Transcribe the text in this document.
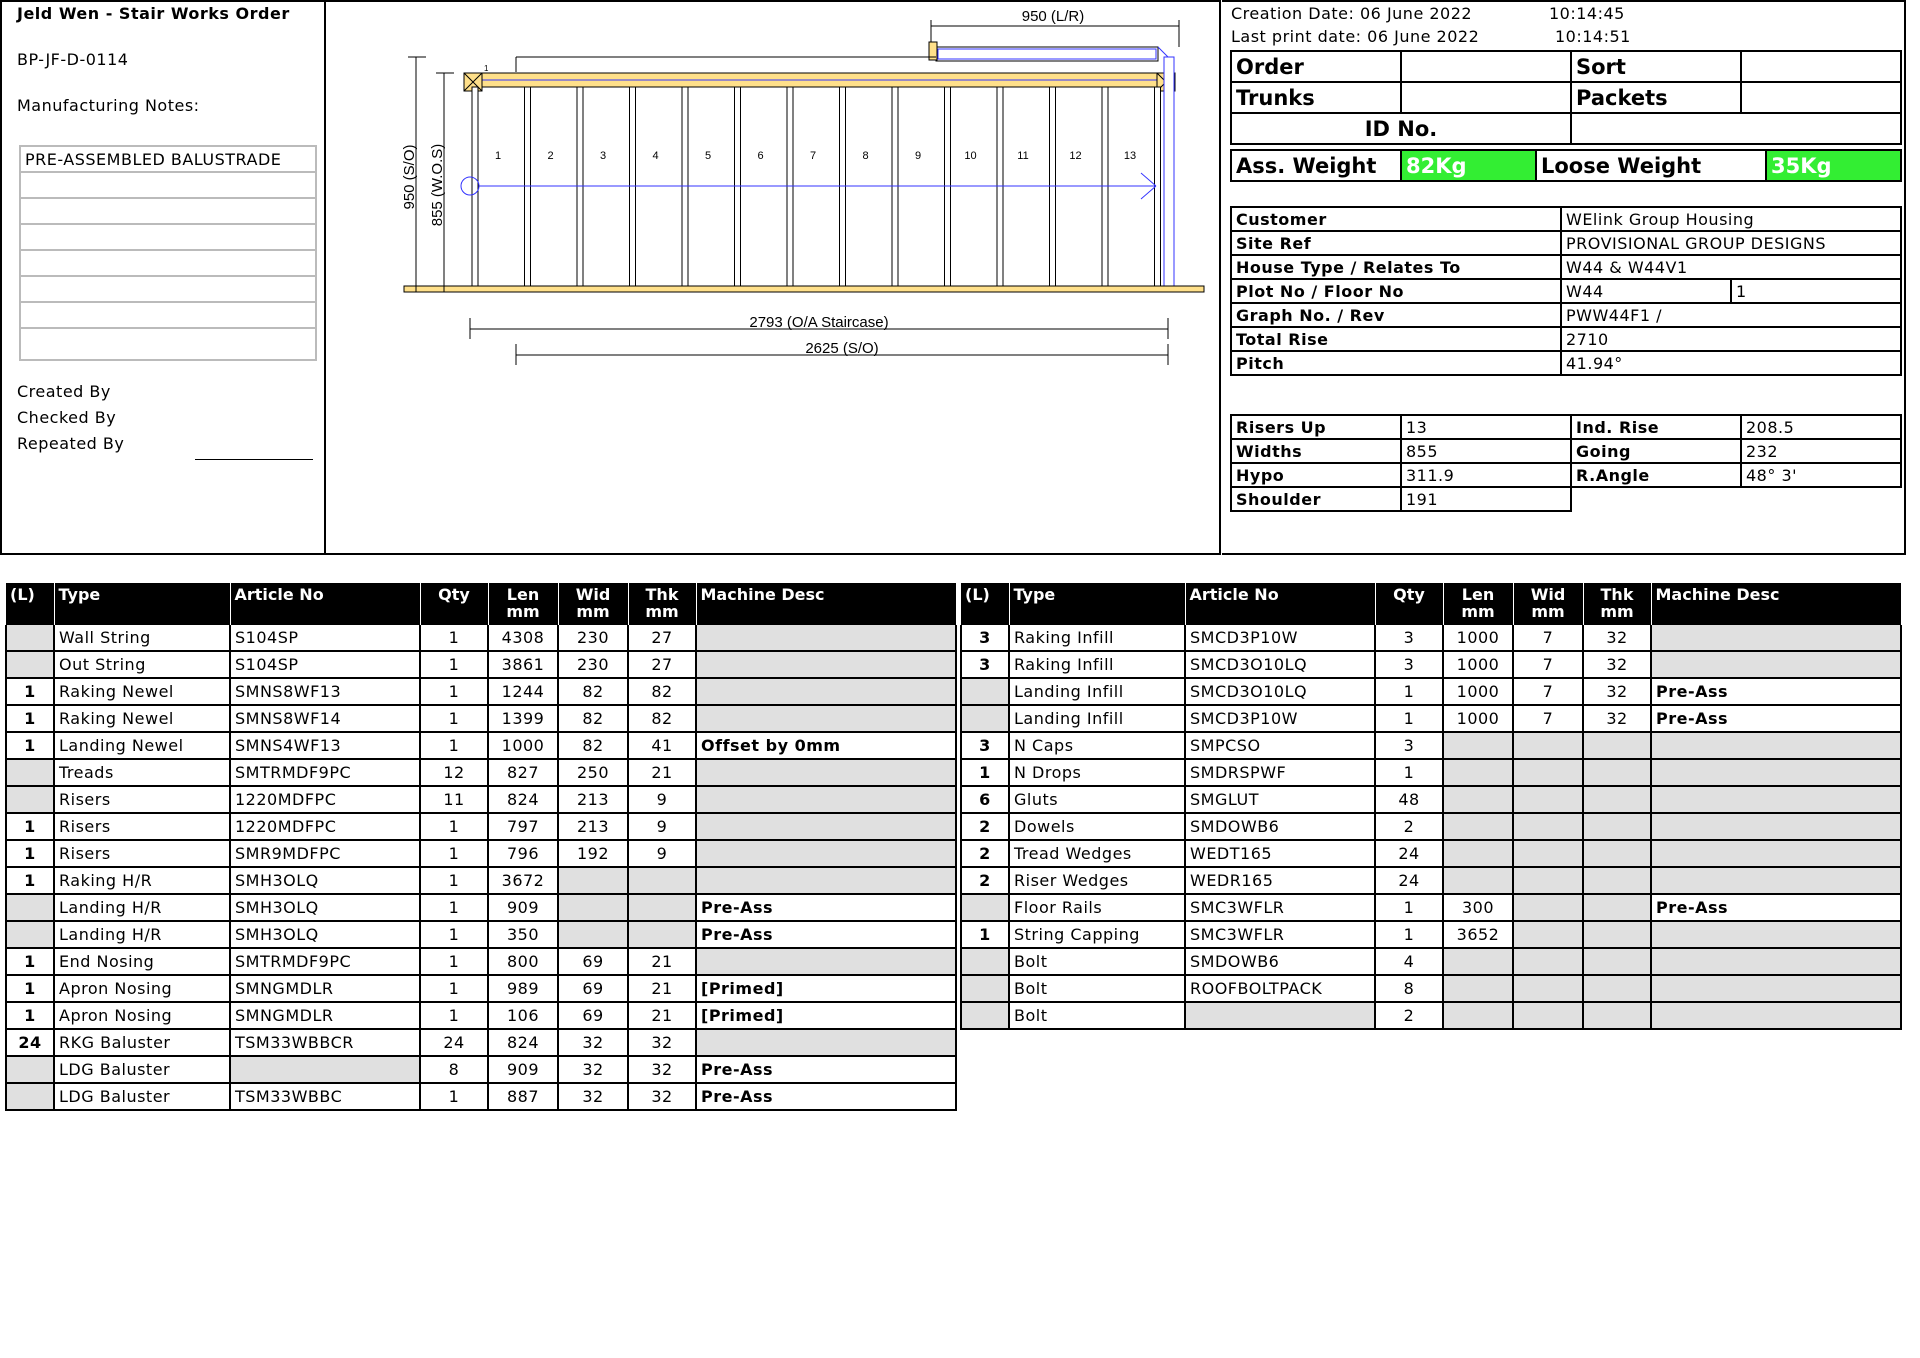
Jeld Wen - Stair Works Order
BP-JF-D-0114
Manufacturing Notes:
PRE-ASSEMBLED BALUSTRADE
Created By
Checked By
Repeated By
950 (L/R)
1
1	2	3	4	5	6	7	8	9	10	11	12	13
950 (S/O) 855 (W.O.S)
2793 (O/A Staircase)
2625 (S/O)
Creation Date: 06 June 2022	10:14:45
Last print date: 06 June 2022	10:14:51
Order		Sort	
Trunks		Packets	
ID No.			
Ass. Weight	82Kg	Loose Weight	35Kg
Customer	WElink Group Housing	
Site Ref	PROVISIONAL GROUP DESIGNS	
House Type / Relates To	W44 & W44V1	
Plot No / Floor No	W44	1
Graph No. / Rev	PWW44F1 /	
Total Rise	2710	
Pitch	41.94°	
Risers Up	13	Ind. Rise	208.5
Widths	855	Going	232
Hypo	311.9	R.Angle	48° 3'
Shoulder	191		
(L)	Type	Article No	Qty	Len mm	Wid mm	Thk mm	Machine Desc
	Wall String	S104SP	1	4308	230	27	
	Out String	S104SP	1	3861	230	27	
1	Raking Newel	SMNS8WF13	1	1244	82	82	
1	Raking Newel	SMNS8WF14	1	1399	82	82	
1	Landing Newel	SMNS4WF13	1	1000	82	41	Offset by 0mm
	Treads	SMTRMDF9PC	12	827	250	21	
	Risers	1220MDFPC	11	824	213	9	
1	Risers	1220MDFPC	1	797	213	9	
1	Risers	SMR9MDFPC	1	796	192	9	
1	Raking H/R	SMH3OLQ	1	3672			
	Landing H/R	SMH3OLQ	1	909			Pre-Ass
	Landing H/R	SMH3OLQ	1	350			Pre-Ass
1	End Nosing	SMTRMDF9PC	1	800	69	21	
1	Apron Nosing	SMNGMDLR	1	989	69	21	[Primed]
1	Apron Nosing	SMNGMDLR	1	106	69	21	[Primed]
24	RKG Baluster	TSM33WBBCR	24	824	32	32	
	LDG Baluster		8	909	32	32	Pre-Ass
	LDG Baluster	TSM33WBBC	1	887	32	32	Pre-Ass
(L)	Type	Article No	Qty	Len mm	Wid mm	Thk mm	Machine Desc
3	Raking Infill	SMCD3P10W	3	1000	7	32	
3	Raking Infill	SMCD3O10LQ	3	1000	7	32	
	Landing Infill	SMCD3O10LQ	1	1000	7	32	Pre-Ass
	Landing Infill	SMCD3P10W	1	1000	7	32	Pre-Ass
3	N Caps	SMPCSO	3				
1	N Drops	SMDRSPWF	1				
6	Gluts	SMGLUT	48				
2	Dowels	SMDOWB6	2				
2	Tread Wedges	WEDT165	24				
2	Riser Wedges	WEDR165	24				
	Floor Rails	SMC3WFLR	1	300			Pre-Ass
1	String Capping	SMC3WFLR	1	3652			
	Bolt	SMDOWB6	4				
	Bolt	ROOFBOLTPACK	8				
	Bolt		2				
